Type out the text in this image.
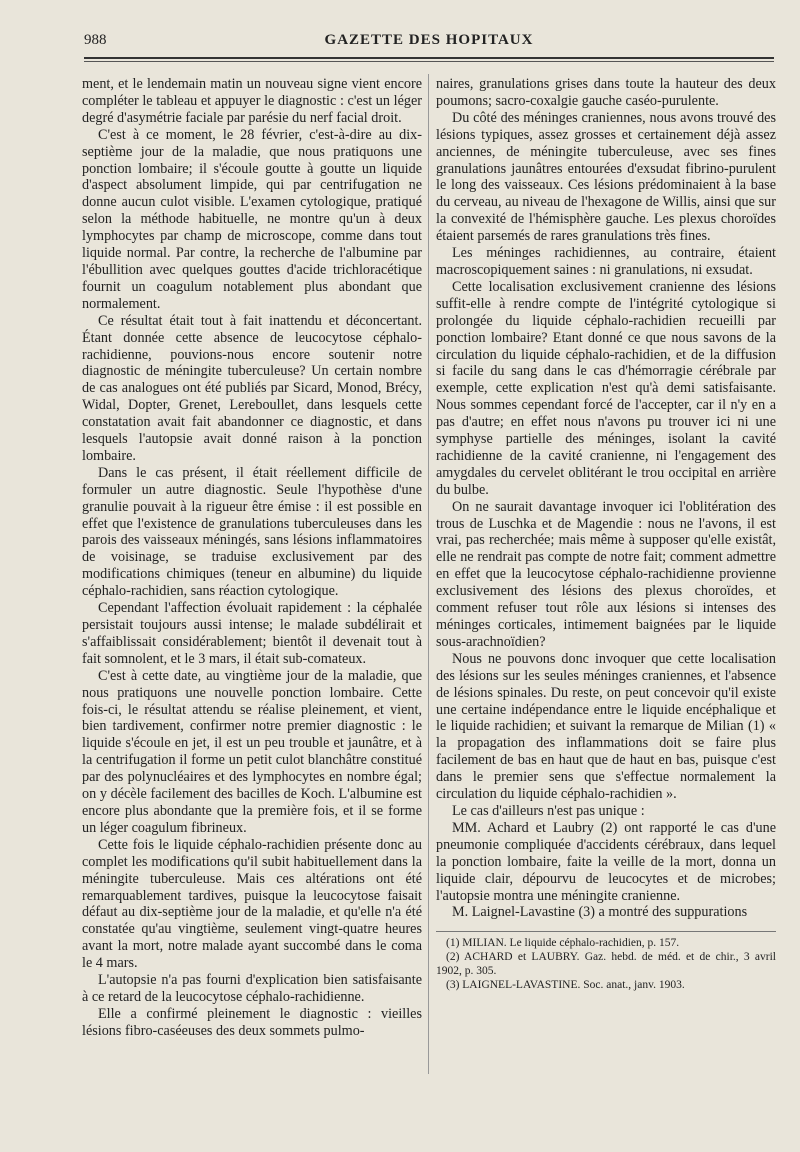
988	GAZETTE DES HOPITAUX

ment, et le lendemain matin un nouveau signe vient encore compléter le tableau et appuyer le diagnostic : c'est un léger degré d'asymétrie faciale par parésie du nerf facial droit.

C'est à ce moment, le 28 février, c'est-à-dire au dix-septième jour de la maladie, que nous pratiquons une ponction lombaire; il s'écoule goutte à goutte un liquide d'aspect absolument limpide, qui par centrifugation ne donne aucun culot visible. L'examen cytologique, pratiqué selon la méthode habituelle, ne montre qu'un à deux lymphocytes par champ de microscope, comme dans tout liquide normal. Par contre, la recherche de l'albumine par l'ébullition avec quelques gouttes d'acide trichloracétique fournit un coagulum notablement plus abondant que normalement.

Ce résultat était tout à fait inattendu et déconcertant. Étant donnée cette absence de leucocytose céphalo-rachidienne, pouvions-nous encore soutenir notre diagnostic de méningite tuberculeuse? Un certain nombre de cas analogues ont été publiés par Sicard, Monod, Brécy, Widal, Dopter, Grenet, Lereboullet, dans lesquels cette constatation avait fait abandonner ce diagnostic, et dans lesquels l'autopsie avait donné raison à la ponction lombaire.

Dans le cas présent, il était réellement difficile de formuler un autre diagnostic. Seule l'hypothèse d'une granulie pouvait à la rigueur être émise : il est possible en effet que l'existence de granulations tuberculeuses dans les parois des vaisseaux méningés, sans lésions inflammatoires de voisinage, se traduise exclusivement par des modifications chimiques (teneur en albumine) du liquide céphalo-rachidien, sans réaction cytologique.

Cependant l'affection évoluait rapidement : la céphalée persistait toujours aussi intense; le malade subdélirait et s'affaiblissait considérablement; bientôt il devenait tout à fait somnolent, et le 3 mars, il était sub-comateux.

C'est à cette date, au vingtième jour de la maladie, que nous pratiquons une nouvelle ponction lombaire. Cette fois-ci, le résultat attendu se réalise pleinement, et vient, bien tardivement, confirmer notre premier diagnostic : le liquide s'écoule en jet, il est un peu trouble et jaunâtre, et à la centrifugation il forme un petit culot blanchâtre constitué par des polynucléaires et des lymphocytes en nombre égal; on y décèle facilement des bacilles de Koch. L'albumine est encore plus abondante que la première fois, et il se forme un léger coagulum fibrineux.

Cette fois le liquide céphalo-rachidien présente donc au complet les modifications qu'il subit habituellement dans la méningite tuberculeuse. Mais ces altérations ont été remarquablement tardives, puisque la leucocytose faisait défaut au dix-septième jour de la maladie, et qu'elle n'a été constatée qu'au vingtième, seulement vingt-quatre heures avant la mort, notre malade ayant succombé dans le coma le 4 mars.

L'autopsie n'a pas fourni d'explication bien satisfaisante à ce retard de la leucocytose céphalo-rachidienne.

Elle a confirmé pleinement le diagnostic : vieilles lésions fibro-caséeuses des deux sommets pulmo-

naires, granulations grises dans toute la hauteur des deux poumons; sacro-coxalgie gauche caséo-purulente.

Du côté des méninges craniennes, nous avons trouvé des lésions typiques, assez grosses et certainement déjà assez anciennes, de méningite tuberculeuse, avec ses fines granulations jaunâtres entourées d'exsudat fibrino-purulent le long des vaisseaux. Ces lésions prédominaient à la base du cerveau, au niveau de l'hexagone de Willis, ainsi que sur la convexité de l'hémisphère gauche. Les plexus choroïdes étaient parsemés de rares granulations très fines.

Les méninges rachidiennes, au contraire, étaient macroscopiquement saines : ni granulations, ni exsudat.

Cette localisation exclusivement cranienne des lésions suffit-elle à rendre compte de l'intégrité cytologique si prolongée du liquide céphalo-rachidien recueilli par ponction lombaire? Etant donné ce que nous savons de la circulation du liquide céphalo-rachidien, et de la diffusion si facile du sang dans le cas d'hémorragie cérébrale par exemple, cette explication n'est qu'à demi satisfaisante. Nous sommes cependant forcé de l'accepter, car il n'y en a pas d'autre; en effet nous n'avons pu trouver ici ni une symphyse partielle des méninges, isolant la cavité rachidienne de la cavité cranienne, ni l'engagement des amygdales du cervelet oblitérant le trou occipital en arrière du bulbe.

On ne saurait davantage invoquer ici l'oblitération des trous de Luschka et de Magendie : nous ne l'avons, il est vrai, pas recherchée; mais même à supposer qu'elle existât, elle ne rendrait pas compte de notre fait; comment admettre en effet que la leucocytose céphalo-rachidienne provienne exclusivement des lésions des plexus choroïdes, et comment refuser tout rôle aux lésions si intenses des méninges corticales, intimement baignées par le liquide sous-arachnoïdien?

Nous ne pouvons donc invoquer que cette localisation des lésions sur les seules méninges craniennes, et l'absence de lésions spinales. Du reste, on peut concevoir qu'il existe une certaine indépendance entre le liquide encéphalique et le liquide rachidien; et suivant la remarque de Milian (1) « la propagation des inflammations doit se faire plus facilement de bas en haut que de haut en bas, puisque c'est dans le premier sens que s'effectue normalement la circulation du liquide céphalo-rachidien ».

Le cas d'ailleurs n'est pas unique :

MM. Achard et Laubry (2) ont rapporté le cas d'une pneumonie compliquée d'accidents cérébraux, dans lequel la ponction lombaire, faite la veille de la mort, donna un liquide clair, dépourvu de leucocytes et de microbes; l'autopsie montra une méningite cranienne.

M. Laignel-Lavastine (3) a montré des suppurations

(1) MILIAN. Le liquide céphalo-rachidien, p. 157.
(2) ACHARD et LAUBRY. Gaz. hebd. de méd. et de chir., 3 avril 1902, p. 305.
(3) LAIGNEL-LAVASTINE. Soc. anat., janv. 1903.
